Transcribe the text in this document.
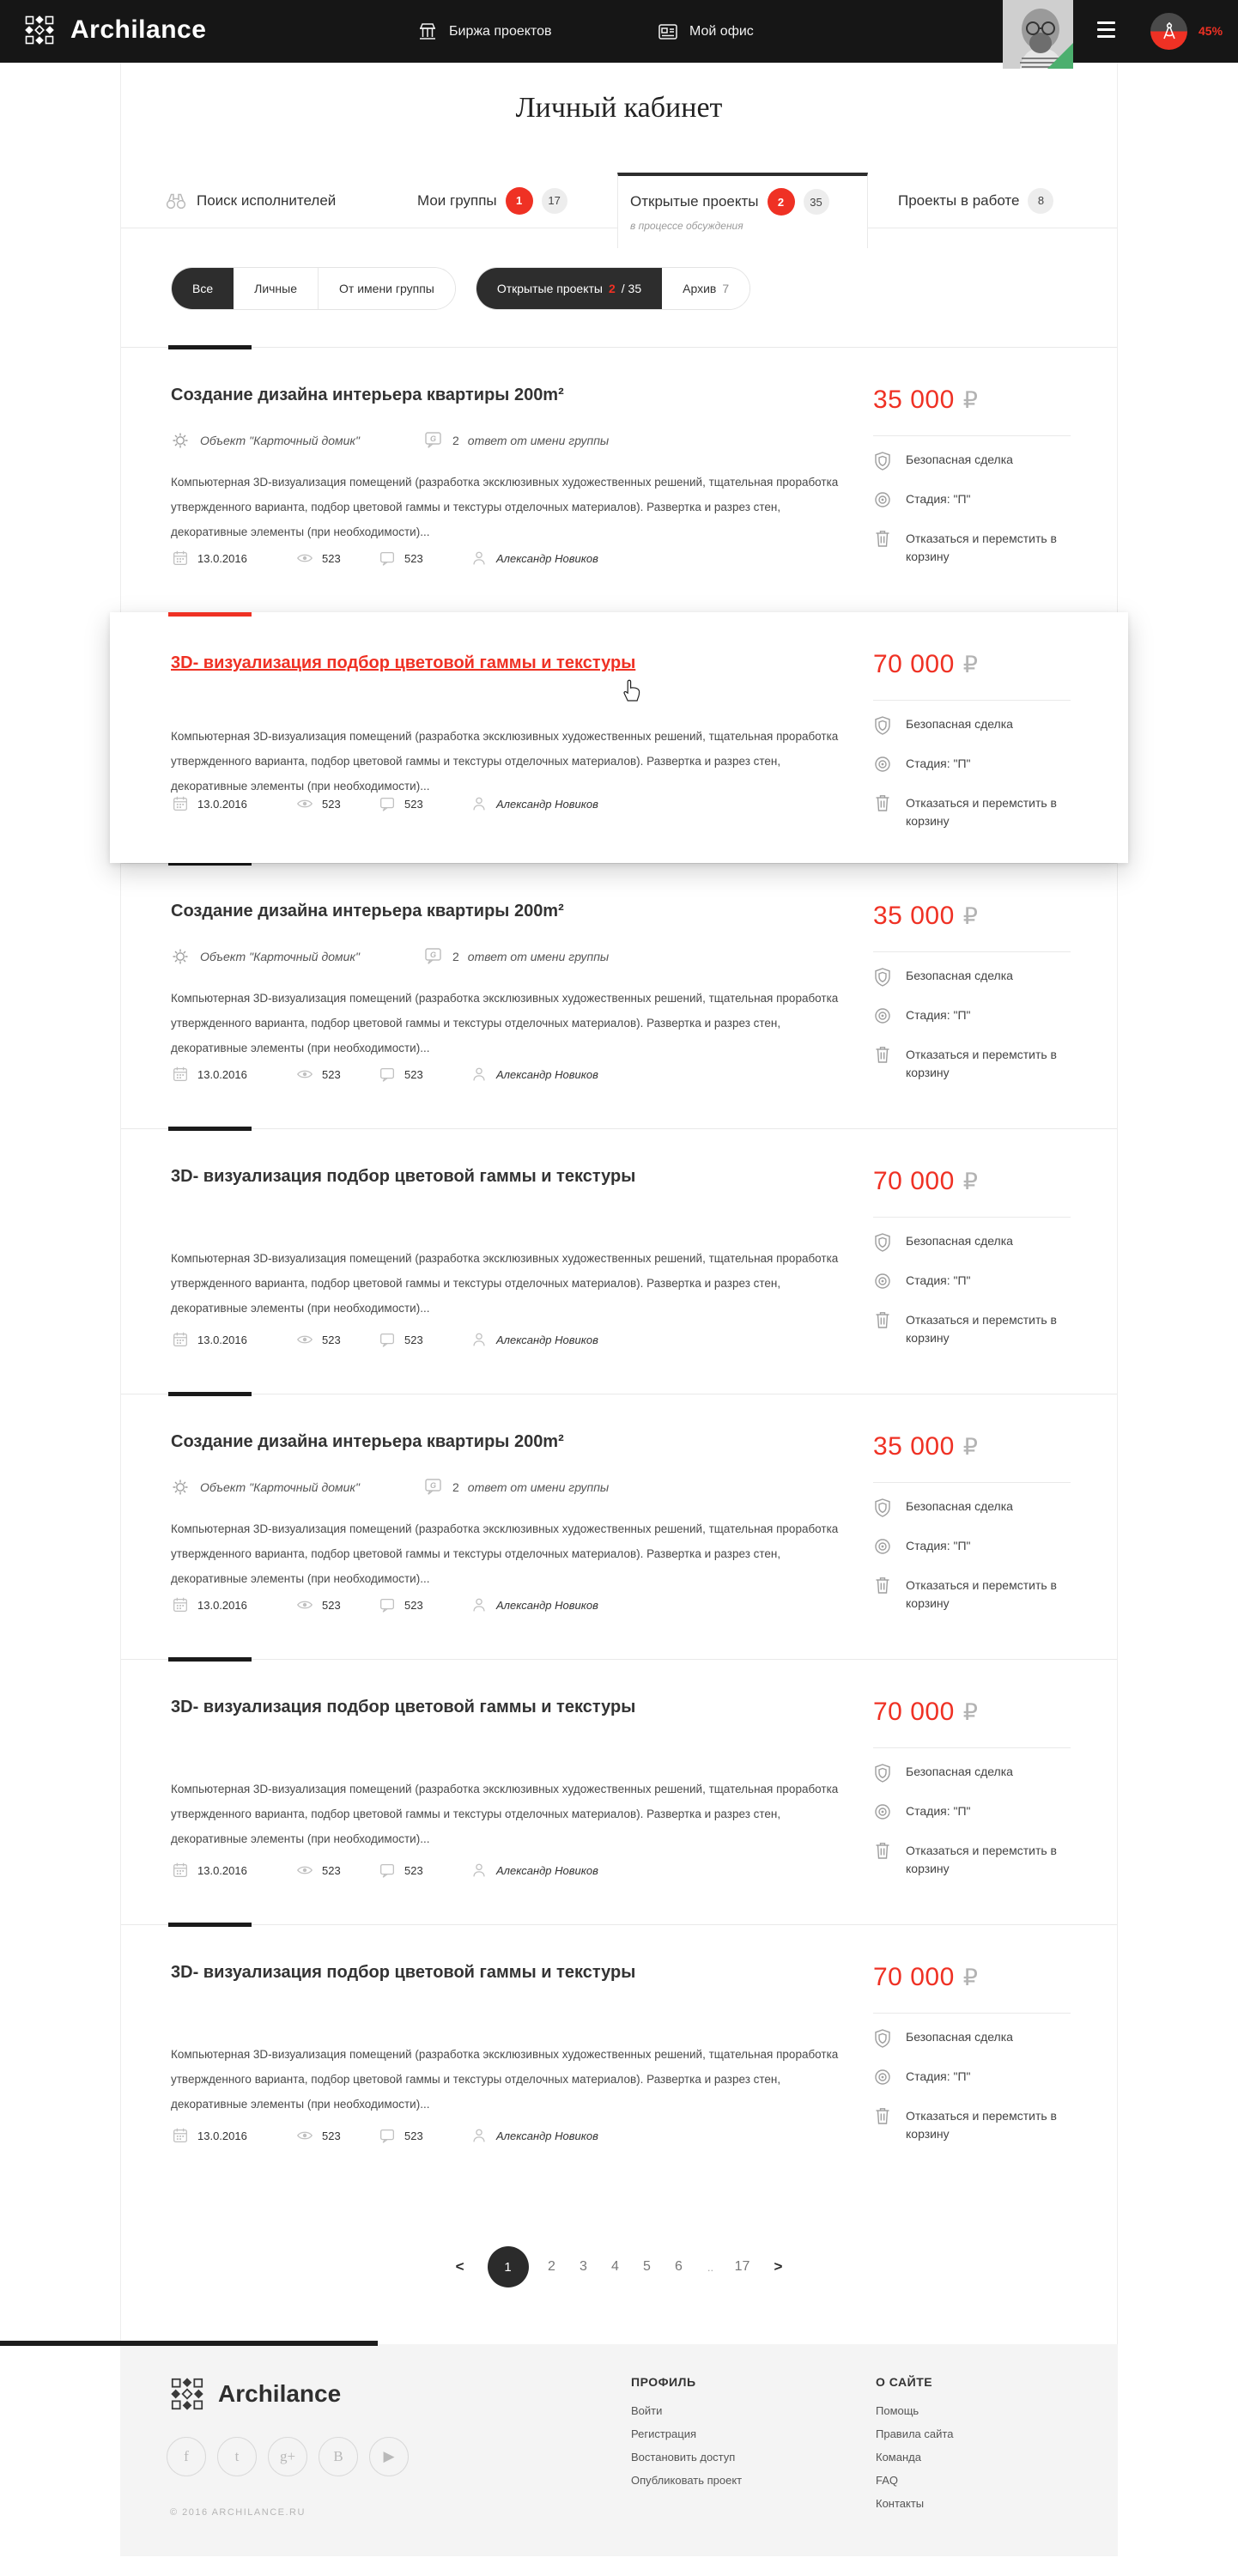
Archilance	Биржа проектов	Мой офис	45%
Личный кабинет
Поиск исполнителей	Мои группы	1	17	Открытые проекты	2	35
в процессе обсуждения
Проекты в работе	8
Все	Личные	От имени группы	Открытые проекты 2 / 35	Архив 7
Создание дизайна интерьера квартиры 200m²
Объект "Карточный домик"	G 2 ответ от имени группы
Компьютерная 3D-визуализация помещений (разработка эксклюзивных художественных решений, тщательная проработка утвержденного варианта, подбор цветовой гаммы и текстуры отделочных материалов). Развертка и разрез стен, декоративные элементы (при необходимости)...
13.0.2016	523	523	Александр Новиков
35 000 ₽
Безопасная сделка
Стадия: "П"
Отказаться и перемстить в корзину
3D- визуализация подбор цветовой гаммы и текстуры
Компьютерная 3D-визуализация помещений (разработка эксклюзивных художественных решений, тщательная проработка утвержденного варианта, подбор цветовой гаммы и текстуры отделочных материалов). Развертка и разрез стен, декоративные элементы (при необходимости)...
13.0.2016	523	523	Александр Новиков
70 000 ₽
Безопасная сделка
Стадия: "П"
Отказаться и перемстить в корзину
Создание дизайна интерьера квартиры 200m²
Объект "Карточный домик"	G 2 ответ от имени группы
Компьютерная 3D-визуализация помещений (разработка эксклюзивных художественных решений, тщательная проработка утвержденного варианта, подбор цветовой гаммы и текстуры отделочных материалов). Развертка и разрез стен, декоративные элементы (при необходимости)...
13.0.2016	523	523	Александр Новиков
35 000 ₽
Безопасная сделка
Стадия: "П"
Отказаться и перемстить в корзину
3D- визуализация подбор цветовой гаммы и текстуры
Компьютерная 3D-визуализация помещений (разработка эксклюзивных художественных решений, тщательная проработка утвержденного варианта, подбор цветовой гаммы и текстуры отделочных материалов). Развертка и разрез стен, декоративные элементы (при необходимости)...
13.0.2016	523	523	Александр Новиков
70 000 ₽
Безопасная сделка
Стадия: "П"
Отказаться и перемстить в корзину
Создание дизайна интерьера квартиры 200m²
Объект "Карточный домик"	G 2 ответ от имени группы
Компьютерная 3D-визуализация помещений (разработка эксклюзивных художественных решений, тщательная проработка утвержденного варианта, подбор цветовой гаммы и текстуры отделочных материалов). Развертка и разрез стен, декоративные элементы (при необходимости)...
13.0.2016	523	523	Александр Новиков
35 000 ₽
Безопасная сделка
Стадия: "П"
Отказаться и перемстить в корзину
3D- визуализация подбор цветовой гаммы и текстуры
Компьютерная 3D-визуализация помещений (разработка эксклюзивных художественных решений, тщательная проработка утвержденного варианта, подбор цветовой гаммы и текстуры отделочных материалов). Развертка и разрез стен, декоративные элементы (при необходимости)...
13.0.2016	523	523	Александр Новиков
70 000 ₽
Безопасная сделка
Стадия: "П"
Отказаться и перемстить в корзину
3D- визуализация подбор цветовой гаммы и текстуры
Компьютерная 3D-визуализация помещений (разработка эксклюзивных художественных решений, тщательная проработка утвержденного варианта, подбор цветовой гаммы и текстуры отделочных материалов). Развертка и разрез стен, декоративные элементы (при необходимости)...
13.0.2016	523	523	Александр Новиков
70 000 ₽
Безопасная сделка
Стадия: "П"
Отказаться и перемстить в корзину
<	1	2	3	4	5	6	..	17	>
Archilance
f	t	g+	B	▶
© 2016 ARCHILANCE.RU
ПРОФИЛЬ
Войти
Регистрация
Востановить доступ
Опубликовать проект
О САЙТЕ
Помощь
Правила сайта
Команда
FAQ
Контакты
